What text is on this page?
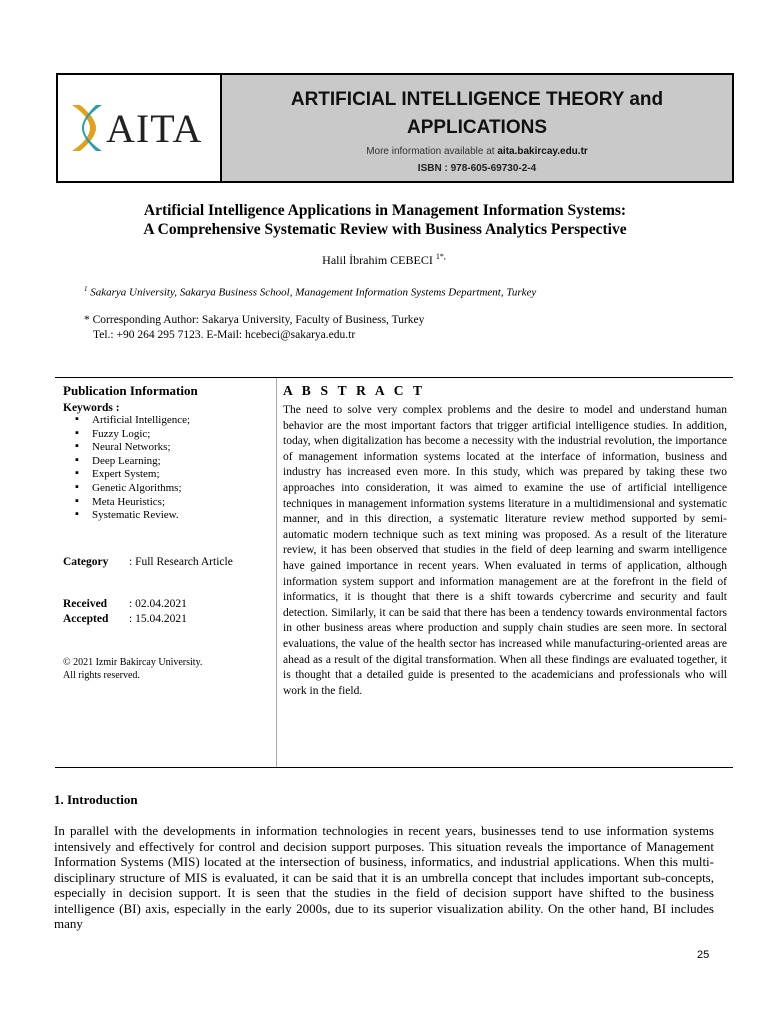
AITA
ARTIFICIAL INTELLIGENCE THEORY and
APPLICATIONS
More information available at aita.bakircay.edu.tr
ISBN : 978-605-69730-2-4
Artificial Intelligence Applications in Management Information Systems:
A Comprehensive Systematic Review with Business Analytics Perspective
Halil İbrahim CEBECI $^{1*,}$
$^1$ Sakarya University, Sakarya Business School, Management Information Systems Department, Turkey
* Corresponding Author: Sakarya University, Faculty of Business, Turkey
Tel.: +90 264 295 7123. E-Mail: hcebeci@sakarya.edu.tr
Publication Information
Keywords :
▪ Artificial Intelligence;
▪ Fuzzy Logic;
▪ Neural Networks;
▪ Deep Learning;
▪ Expert System;
▪ Genetic Algorithms;
▪ Meta Heuristics;
▪ Systematic Review.
Category : Full Research Article
Received : 02.04.2021
Accepted : 15.04.2021
© 2021 Izmir Bakircay University.
All rights reserved.
A B S T R A C T
The need to solve very complex problems and the desire to model and understand human behavior are the most important factors that trigger artificial intelligence studies. In addition, today, when digitalization has become a necessity with the industrial revolution, the importance of management information systems located at the interface of information, business and industry has increased even more. In this study, which was prepared by taking these two approaches into consideration, it was aimed to examine the use of artificial intelligence techniques in management information systems literature in a multidimensional and systematic manner, and in this direction, a systematic literature review method supported by semi-automatic modern technique such as text mining was proposed. As a result of the literature review, it has been observed that studies in the field of deep learning and swarm intelligence have gained importance in recent years. When evaluated in terms of application, although information system support and information management are at the forefront in the field of informatics, it is thought that there is a shift towards cybercrime and security and fault detection. Similarly, it can be said that there has been a tendency towards environmental factors in other business areas where production and supply chain studies are seen more. In sectoral evaluations, the value of the health sector has increased while manufacturing-oriented areas are ahead as a result of the digital transformation. When all these findings are evaluated together, it is thought that a detailed guide is presented to the academicians and professionals who will work in the field.
1. Introduction
In parallel with the developments in information technologies in recent years, businesses tend to use information systems intensively and effectively for control and decision support purposes. This situation reveals the importance of Management Information Systems (MIS) located at the intersection of business, informatics, and industrial applications. When this multi-disciplinary structure of MIS is evaluated, it can be said that it is an umbrella concept that includes important sub-concepts, especially in decision support. It is seen that the studies in the field of decision support have shifted to the business intelligence (BI) axis, especially in the early 2000s, due to its superior visualization ability. On the other hand, BI includes many
25
